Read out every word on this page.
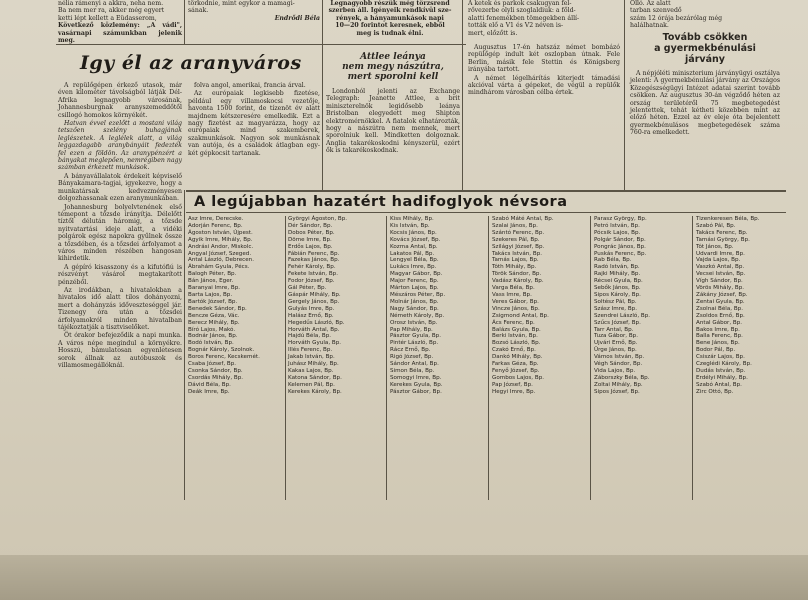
nélia rámenyi a akkra, neha nem.
Ba nem mer ra, akker még egyert
ketti lépt kellett a Eüdasserom,
Következő közlemény: „A vádi", vasárnapi számunkban jelenik meg.
törkodnie, mint egykor a mamagi-
sának.
Endrődi Béla
Legnagyobb részük még törzsrend
szerben áll. Igényeik rendkívül sze-
rények, a hányamunkások napi
10—20 forintot keresnek, ebből
meg is tudnak élni.
A ketek és parkok csakugyan fel-
rővezerbe olyli szoglaldiuk: a főld-
alatti fenemékben tömegekben állí-
tották elő a V1 és V2 néven is-
mert, előzőtt is.
Olló. Az alatt
tarban szenvedő
szám 12 órája bezárólag még
halálhatnak.
Igy él az aranyváros

A repülőgépen érkező utasok, már éven kilométer távolságból látják Dél-Afrika legnagyobb városának, Johannesburgnak aranyszemeddőtől csillogó homokos környékét.

Hatvan évvel ezelőtt a mostani világ tetszően szelény buhagjának leglészetek. A leglélek alatt, a világ leggazdagabb aranybányáit fedezték fel ezen a földön. Az aranypénzért a bányakat meglepően, nemrégiben nagy számban érkezett munkások.

A bányavállalatok érdekeit képviselő Bányakamara-tagjai, igyekezve, hogy a munkatársak kedvezményesen dolgozhassanak ezen aranymunkában.

Johannesburg bolyelvtenének első témepont a tőzsde irányítja. Délelőtt tíztől délután háromig, a tőzsde nyitvatartási ideje alatt, a vidéki polgárok egész napokra gyűlnek össze a tőzsdében, és a tőzsdei árfolyamot a város minden részében hangosan kihirdetik.

A gépíró kisasszony és a kifutófiú is részvényt vásárol megtakarított pénzéből.

Az irodákban, a hivatalokban a hivatalos idő alatt tilos dohányozni, mert a dohányzás időveszteséggel jár. Tizenegy óra után a tőzsdei árfolyamokról minden hivatalban tájékoztatják a tisztviselőket.

Öt órakor befejeződik a napi munka. A város népe megindul a környékre. Hosszú, bámulatosan egyenletesen sorok állnak az autóbuszok és villamosmegállóknál.

folva angol, amerikai, francia árval.

Az európaiak legkisebb fizetése, például egy villamoskocsi vezetője, havonta 1500 forint, de tízenöt év alatt majdnem kétszeresére emelkedik. Ezt a nagy fizetést az magyarázza, hogy az európaiak mind szakemberek, szakmunkások. Nagyon sok munkásnak van autója, és a családok átlagban egy-két gépkocsit tartanak.

Attlee leánya
nem megy nászútra,
mert sporolni kell

Londonból jelenti az Exchange Telegraph: Jeanette Attlee, a brit miniszterelnök legidősebb leánya Bristolban elegyedett meg Shipton elektromérnökkel. A fiatalok elhatározták, hogy a nászútra nem mennek, mert sporolniuk kell. Mindketten dolgoznak. Anglia takarékoskodni kényszerül, ezért ők is takarékoskodnak.

Augusztus 17-én hatszáz német bombázó repülőgép indult két oszlopban útnak. Fele Berlin, másik fele Stettin és Königsberg irányába tartott.

A német légelhárítás kiterjedt támadási akcióval várta a gépeket, de végül a repülők mindhárom városban célba értek.

Tovább csökken
a gyermekbénulási
járvány

A népjóléti miniszterium járványügyi osztálya jelenti: A gyermekbénulási járvány az Országos Közegészségügyi Intézet adatai szerint tovább csökken. Az augusztus 30-án végződő héten az ország területéről 75 megbetegedést jelentettek, tehát kétheti közebben mint az előző héten. Ezzel az év eleje óta bejelentett gyermekbénulásos megbetegedések száma 760-ra emelkedett.

A legújabban hazatért hadifoglyok névsora
Asz Imre, Derecske.
Adorján Ferenc, Bp.
Ágoston István, Újpest.
Agyik Imre, Mihály, Bp.
Andrási Andor, Miskolc.
Angyal József, Szeged.
Antal László, Debrecen.
Ábrahám Gyula, Pécs.
Balogh Péter, Bp.
Bán János, Eger.
Baranyai Imre, Bp.
Barta Lajos, Bp.
Bartók József, Bp.
Benedek Sándor, Bp.
Bencze Géza, Vác.
Berecz Mihály, Bp.
Bíró Lajos, Makó.
Bodnár János, Bp.
Bodó István, Bp.
Bognár Károly, Szolnok.
Boros Ferenc, Kecskemét.
Csaba József, Bp.
Csonka Sándor, Bp.
Csordás Mihály, Bp.
Dávid Béla, Bp.
Deák Imre, Bp.
Györgyi Ágoston, Bp.
Dér Sándor, Bp.
Dobos Péter, Bp.
Döme Imre, Bp.
Erdős Lajos, Bp.
Fábián Ferenc, Bp.
Fazekas János, Bp.
Fehér Károly, Bp.
Fekete István, Bp.
Fodor József, Bp.
Gál Péter, Bp.
Gáspár Mihály, Bp.
Gergely János, Bp.
Gulyás Imre, Bp.
Halász Ernő, Bp.
Hegedűs László, Bp.
Horváth Antal, Bp.
Hajdú Béla, Bp.
Horváth Gyula, Bp.
Illés Ferenc, Bp.
Jakab István, Bp.
Juhász Mihály, Bp.
Kakas Lajos, Bp.
Katona Sándor, Bp.
Kelemen Pál, Bp.
Kerekes Károly, Bp.
Kiss Mihály, Bp.
Kis István, Bp.
Kocsis János, Bp.
Kovács József, Bp.
Kozma Antal, Bp.
Lakatos Pál, Bp.
Lengyel Béla, Bp.
Lukács Imre, Bp.
Magyar Gábor, Bp.
Major Ferenc, Bp.
Márton Lajos, Bp.
Mészáros Péter, Bp.
Molnár János, Bp.
Nagy Sándor, Bp.
Németh Károly, Bp.
Orosz István, Bp.
Pap Mihály, Bp.
Pásztor Gyula, Bp.
Pintér László, Bp.
Rácz Ernő, Bp.
Rigó József, Bp.
Sándor Antal, Bp.
Simon Béla, Bp.
Somogyi Imre, Bp.
Kerekes Gyula, Bp.
Pásztor Gábor, Bp.
Szabó Máté Antal, Bp.
Szalai János, Bp.
Szántó Ferenc, Bp.
Szekeres Pál, Bp.
Szilágyi József, Bp.
Takács István, Bp.
Tamás Lajos, Bp.
Tóth Mihály, Bp.
Török Sándor, Bp.
Vadász Károly, Bp.
Varga Béla, Bp.
Vass Imre, Bp.
Veres Gábor, Bp.
Vincze János, Bp.
Zsigmond Antal, Bp.
Ács Ferenc, Bp.
Balázs Gyula, Bp.
Berki István, Bp.
Bozsó László, Bp.
Czakó Ernő, Bp.
Dankó Mihály, Bp.
Farkas Géza, Bp.
Fenyő József, Bp.
Gombos Lajos, Bp.
Pap József, Bp.
Hegyi Imre, Bp.
Parasz György, Bp.
Petró István, Bp.
Pócsik Lajos, Bp.
Polgár Sándor, Bp.
Pongrác János, Bp.
Puskás Ferenc, Bp.
Rab Béla, Bp.
Radó István, Bp.
Rajki Mihály, Bp.
Récsei Gyula, Bp.
Sebők János, Bp.
Sipos Károly, Bp.
Soltész Pál, Bp.
Szász Imre, Bp.
Szendrei László, Bp.
Szűcs József, Bp.
Tarr Antal, Bp.
Tuza Gábor, Bp.
Ujvári Ernő, Bp.
Ürge János, Bp.
Vámos István, Bp.
Végh Sándor, Bp.
Vida Lajos, Bp.
Záborszky Béla, Bp.
Zoltai Mihály, Bp.
Sipos József, Bp.
Tizenkeresen Béla, Bp.
Szabó Pál, Bp.
Takács Ferenc, Bp.
Tamási György, Bp.
Tót János, Bp.
Udvardi Imre, Bp.
Vajda Lajos, Bp.
Vaszkó Antal, Bp.
Vecsei István, Bp.
Vígh Sándor, Bp.
Vörös Mihály, Bp.
Zákány József, Bp.
Zentai Gyula, Bp.
Zsolnai Béla, Bp.
Zsoldos Ernő, Bp.
Antal Gábor, Bp.
Bakos Imre, Bp.
Balla Ferenc, Bp.
Bene János, Bp.
Bodor Pál, Bp.
Csiszár Lajos, Bp.
Czeglédi Károly, Bp.
Dudás István, Bp.
Erdélyi Mihály, Bp.
Szabó Antal, Bp.
Zirc Ottó, Bp.
